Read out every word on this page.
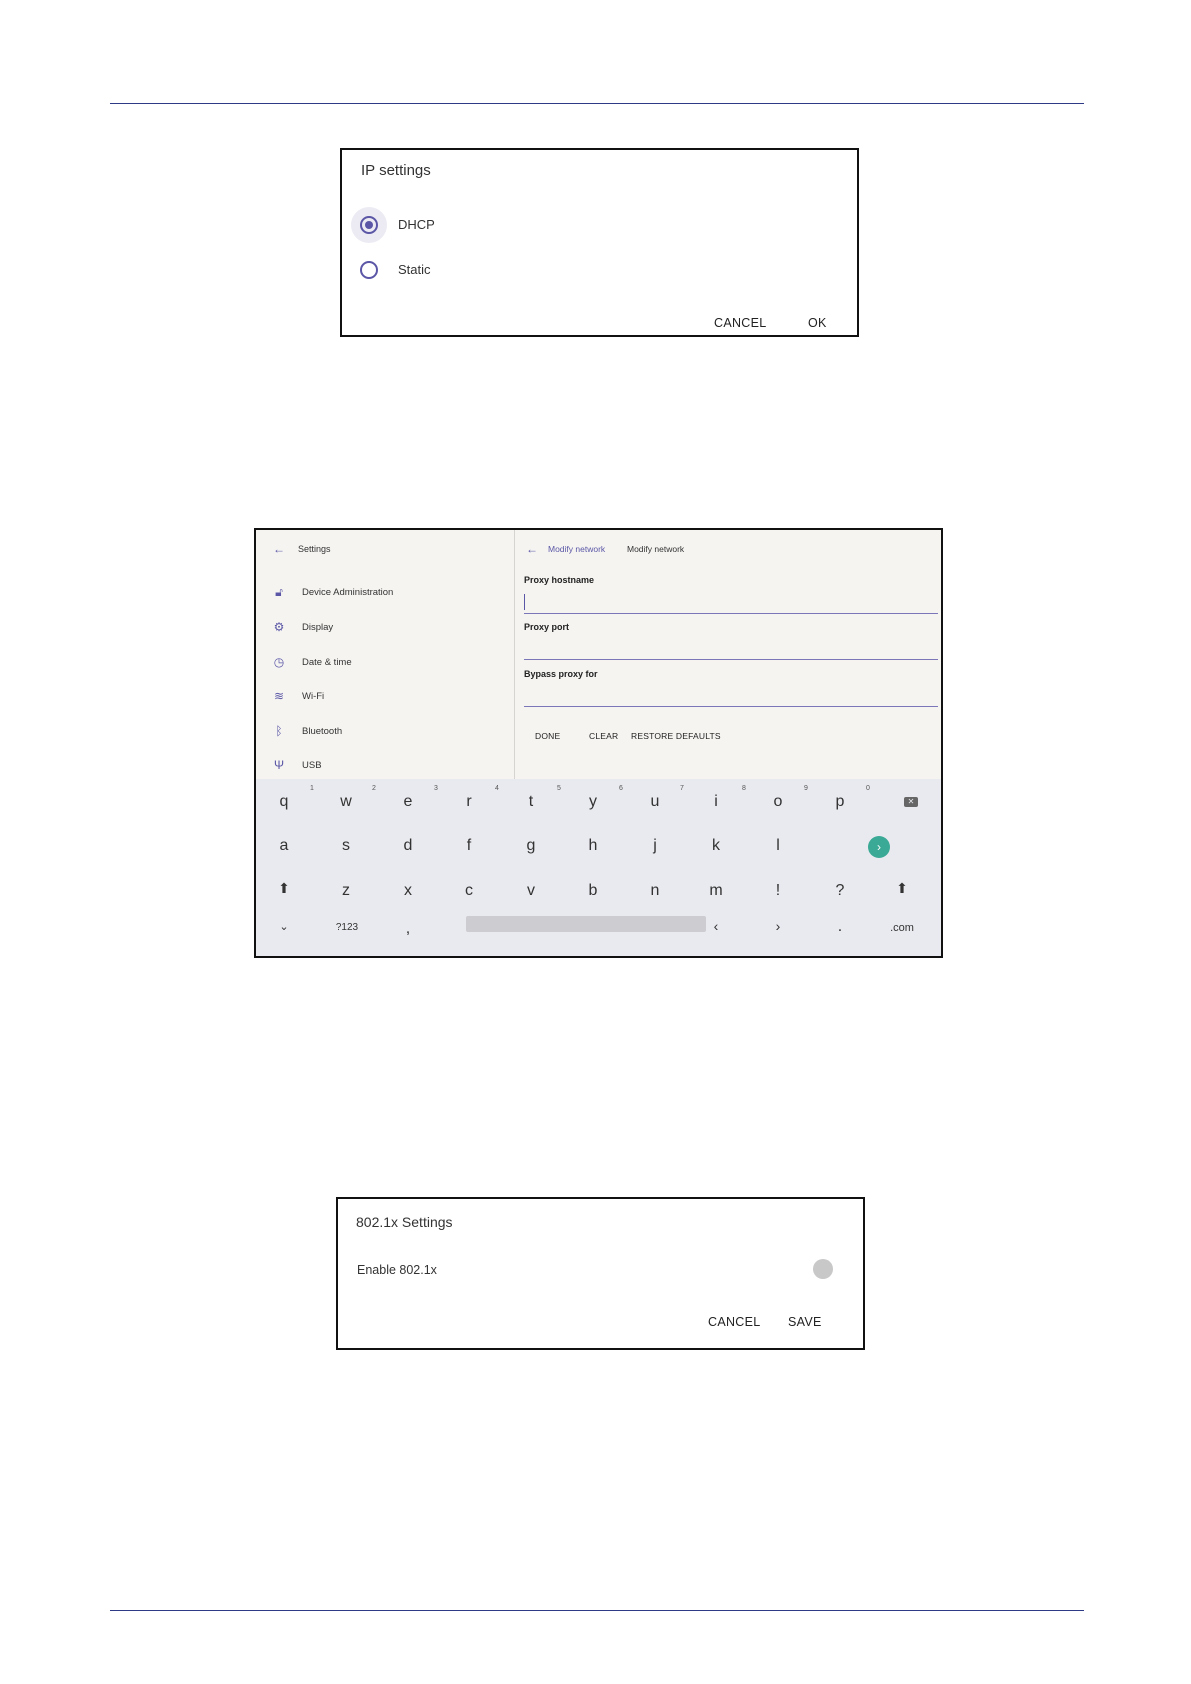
IP settings
DHCP
Static
CANCEL	OK
← Settings
🔓︎	Device Administration
⚙ Display
◷ Date & time
≋ Wi-Fi
ᛒ	Bluetooth
Ψ USB
← Modify network	Modify network
Proxy hostname
Proxy port
Bypass proxy for
DONE	CLEAR RESTORE DEFAULTS
q	w	e	r	t	y	u	i	o	p	✕
1	2	3	4	5	6	7	8	9	0
a	s	d	f	g	h	j	k	l	›
⬆	z	x	c	v	b	n	m	!	?	⬆
⌄	?123	,	‹	›	.	.com
802.1x Settings
Enable 802.1x
CANCEL SAVE
